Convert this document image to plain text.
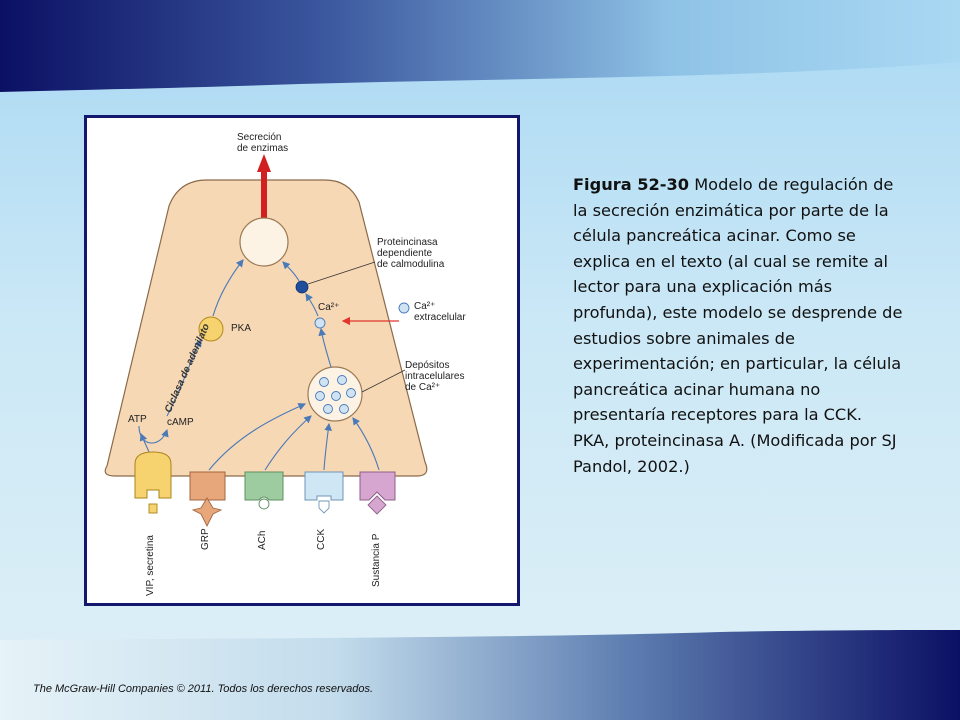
Secreción
de enzimas
Proteincinasa
dependiente
de calmodulina
Ca²⁺	Ca²⁺
extracelular
PKA
Depósitos
intracelulares
de Ca²⁺
ATP cAMP
Ciclasa de adenilato
VIP, secretina	GRP	ACh	CCK	Sustancia P
Figura 52-30 Modelo de regulación de la secreción enzimática por parte de la célula pancreática acinar. Como se explica en el texto (al cual se remite al lector para una explicación más profunda), este modelo se desprende de estudios sobre animales de experimentación; en particular, la célula pancreática acinar humana no presentaría receptores para la CCK. PKA, proteincinasa A. (Modificada por SJ Pandol, 2002.)
The McGraw-Hill Companies © 2011. Todos los derechos reservados.
